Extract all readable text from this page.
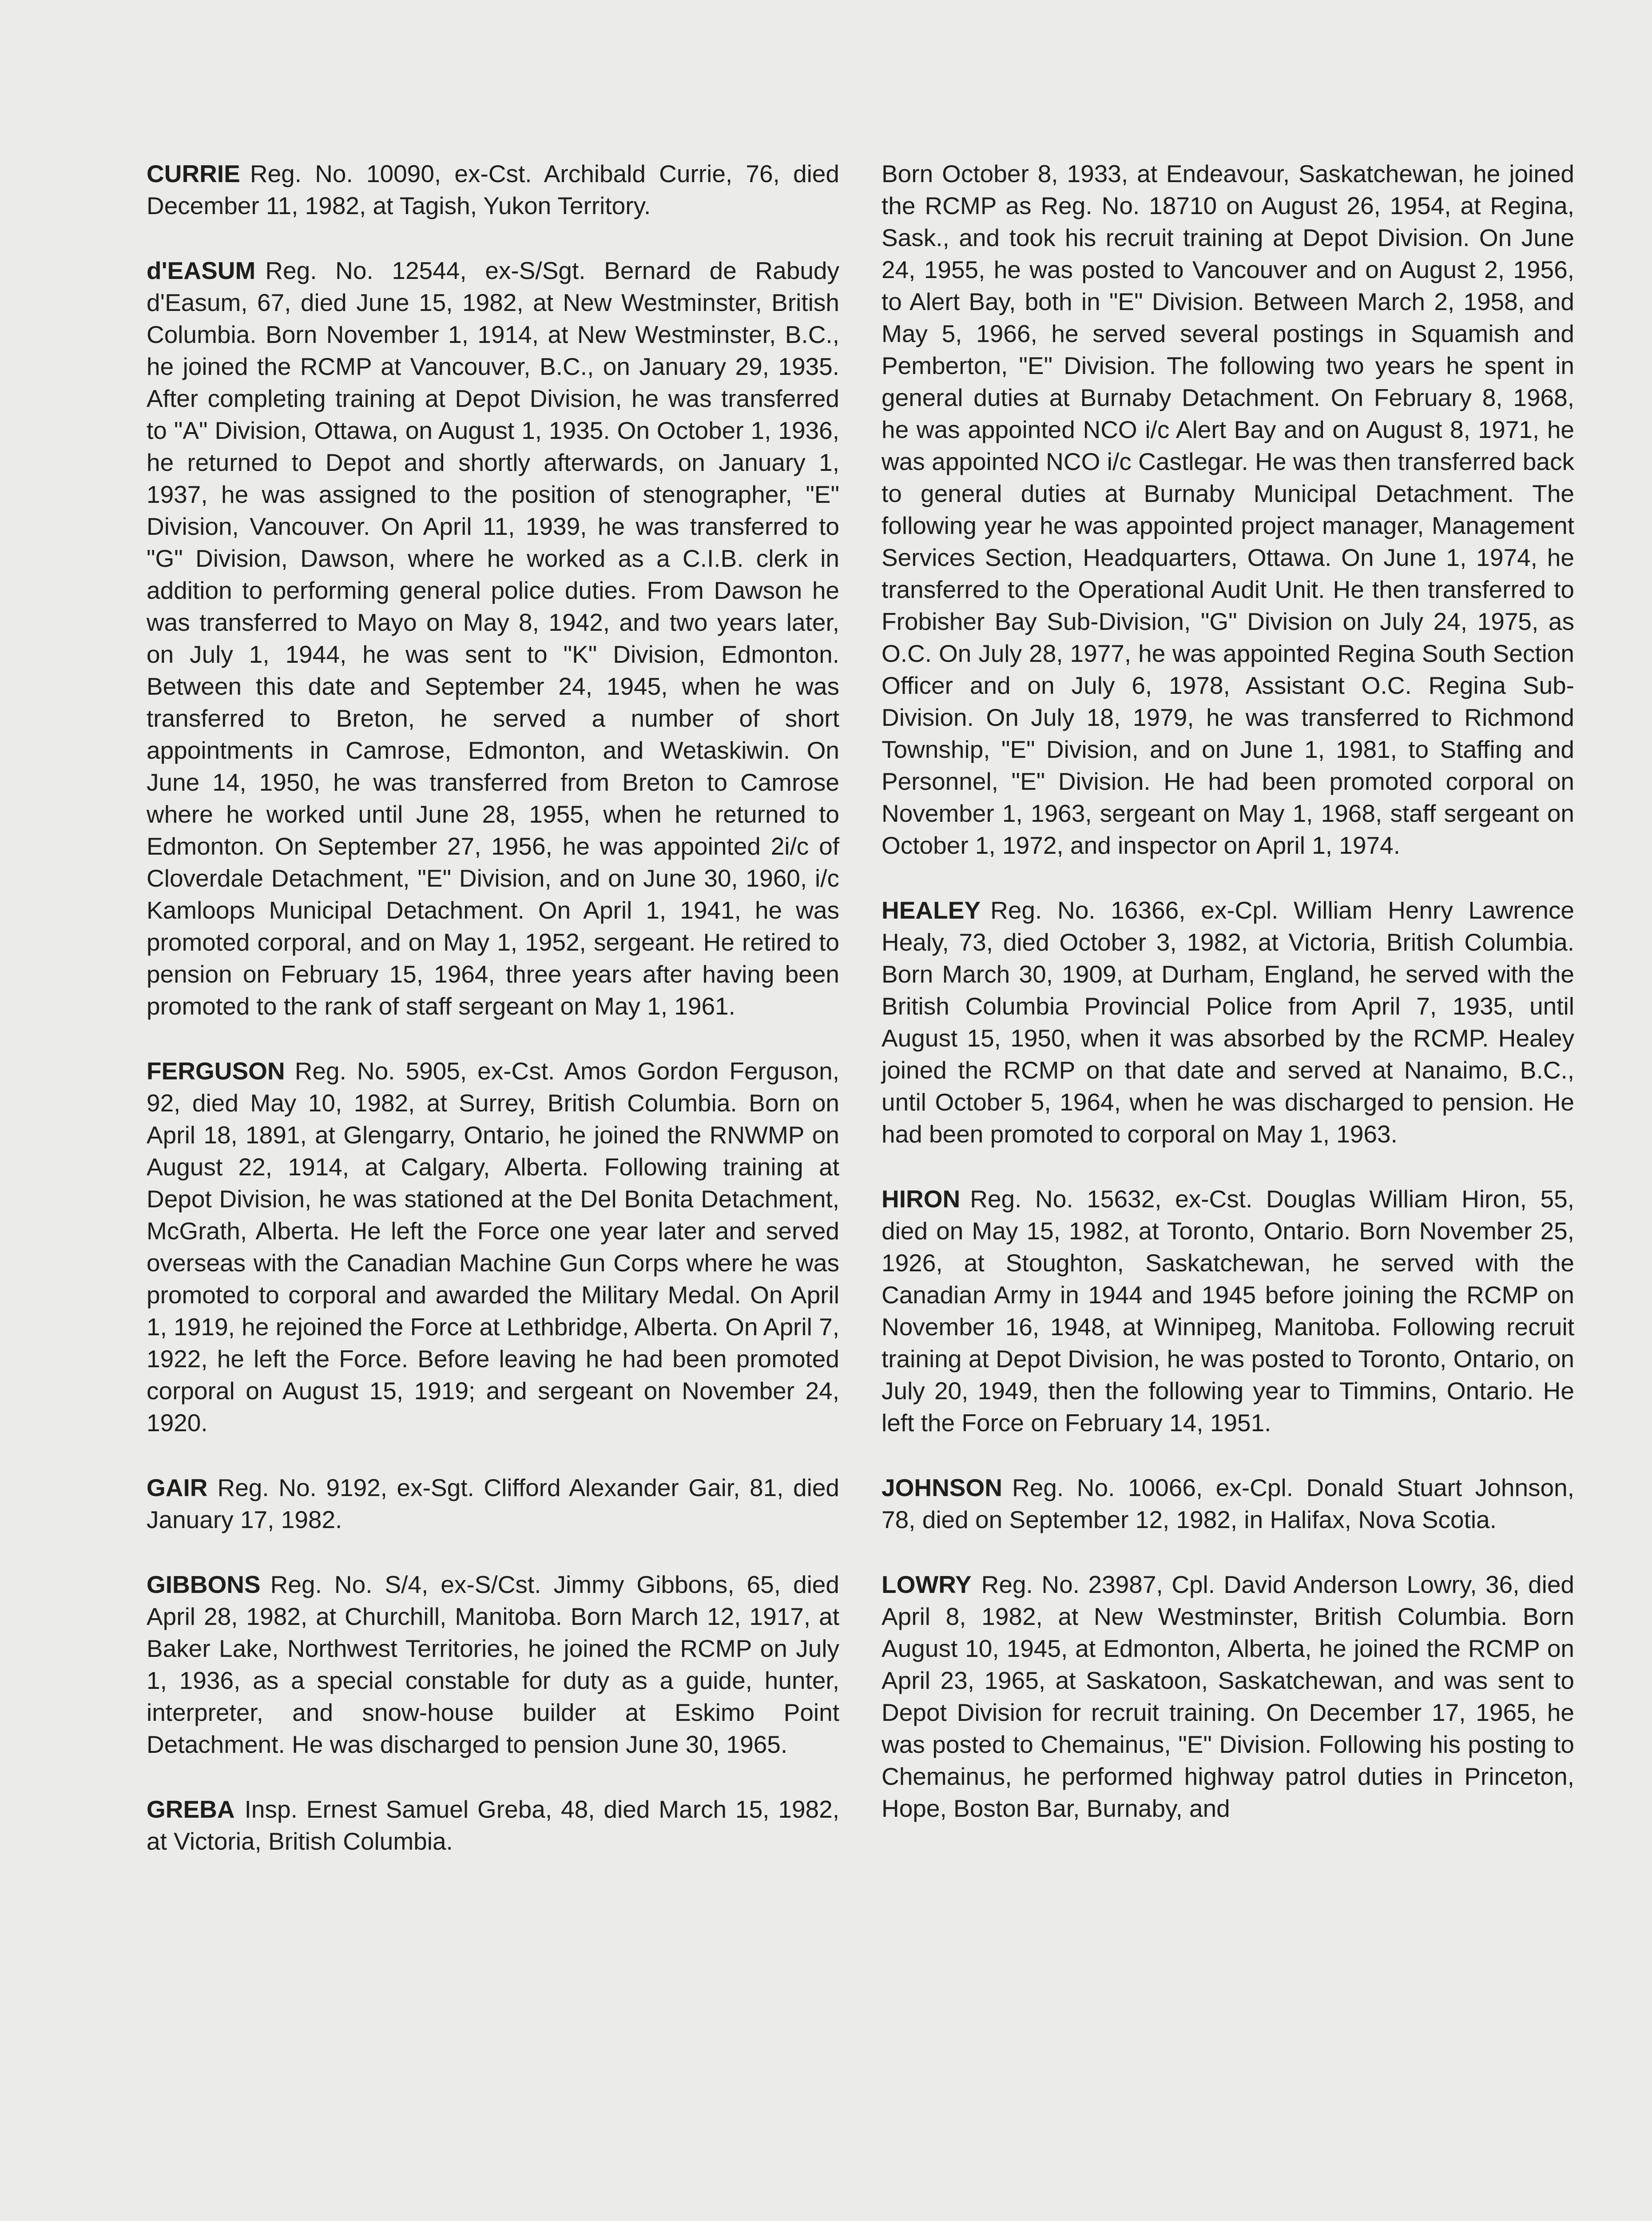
CURRIE Reg. No. 10090, ex-Cst. Archibald Currie, 76, died December 11, 1982, at Tagish, Yukon Territory.

d'EASUM Reg. No. 12544, ex-S/Sgt. Bernard de Rabudy d'Easum, 67, died June 15, 1982, at New Westminster, British Columbia. Born November 1, 1914, at New Westminster, B.C., he joined the RCMP at Vancouver, B.C., on January 29, 1935. After completing training at Depot Division, he was transferred to "A" Division, Ottawa, on August 1, 1935. On October 1, 1936, he returned to Depot and shortly afterwards, on January 1, 1937, he was assigned to the position of stenographer, "E" Division, Vancouver. On April 11, 1939, he was transferred to "G" Division, Dawson, where he worked as a C.I.B. clerk in addition to performing general police duties. From Dawson he was transferred to Mayo on May 8, 1942, and two years later, on July 1, 1944, he was sent to "K" Division, Edmonton. Between this date and September 24, 1945, when he was transferred to Breton, he served a number of short appointments in Camrose, Edmonton, and Wetaskiwin. On June 14, 1950, he was transferred from Breton to Camrose where he worked until June 28, 1955, when he returned to Edmonton. On September 27, 1956, he was appointed 2i/c of Cloverdale Detachment, "E" Division, and on June 30, 1960, i/c Kamloops Municipal Detachment. On April 1, 1941, he was promoted corporal, and on May 1, 1952, sergeant. He retired to pension on February 15, 1964, three years after having been promoted to the rank of staff sergeant on May 1, 1961.

FERGUSON Reg. No. 5905, ex-Cst. Amos Gordon Ferguson, 92, died May 10, 1982, at Surrey, British Columbia. Born on April 18, 1891, at Glengarry, Ontario, he joined the RNWMP on August 22, 1914, at Calgary, Alberta. Following training at Depot Division, he was stationed at the Del Bonita Detachment, McGrath, Alberta. He left the Force one year later and served overseas with the Canadian Machine Gun Corps where he was promoted to corporal and awarded the Military Medal. On April 1, 1919, he rejoined the Force at Lethbridge, Alberta. On April 7, 1922, he left the Force. Before leaving he had been promoted corporal on August 15, 1919; and sergeant on November 24, 1920.

GAIR Reg. No. 9192, ex-Sgt. Clifford Alexander Gair, 81, died January 17, 1982.

GIBBONS Reg. No. S/4, ex-S/Cst. Jimmy Gibbons, 65, died April 28, 1982, at Churchill, Manitoba. Born March 12, 1917, at Baker Lake, Northwest Territories, he joined the RCMP on July 1, 1936, as a special constable for duty as a guide, hunter, interpreter, and snow-house builder at Eskimo Point Detachment. He was discharged to pension June 30, 1965.

GREBA Insp. Ernest Samuel Greba, 48, died March 15, 1982, at Victoria, British Columbia.

Born October 8, 1933, at Endeavour, Saskatchewan, he joined the RCMP as Reg. No. 18710 on August 26, 1954, at Regina, Sask., and took his recruit training at Depot Division. On June 24, 1955, he was posted to Vancouver and on August 2, 1956, to Alert Bay, both in "E" Division. Between March 2, 1958, and May 5, 1966, he served several postings in Squamish and Pemberton, "E" Division. The following two years he spent in general duties at Burnaby Detachment. On February 8, 1968, he was appointed NCO i/c Alert Bay and on August 8, 1971, he was appointed NCO i/c Castlegar. He was then transferred back to general duties at Burnaby Municipal Detachment. The following year he was appointed project manager, Management Services Section, Headquarters, Ottawa. On June 1, 1974, he transferred to the Operational Audit Unit. He then transferred to Frobisher Bay Sub-Division, "G" Division on July 24, 1975, as O.C. On July 28, 1977, he was appointed Regina South Section Officer and on July 6, 1978, Assistant O.C. Regina Sub-Division. On July 18, 1979, he was transferred to Richmond Township, "E" Division, and on June 1, 1981, to Staffing and Personnel, "E" Division. He had been promoted corporal on November 1, 1963, sergeant on May 1, 1968, staff sergeant on October 1, 1972, and inspector on April 1, 1974.

HEALEY Reg. No. 16366, ex-Cpl. William Henry Lawrence Healy, 73, died October 3, 1982, at Victoria, British Columbia. Born March 30, 1909, at Durham, England, he served with the British Columbia Provincial Police from April 7, 1935, until August 15, 1950, when it was absorbed by the RCMP. Healey joined the RCMP on that date and served at Nanaimo, B.C., until October 5, 1964, when he was discharged to pension. He had been promoted to corporal on May 1, 1963.

HIRON Reg. No. 15632, ex-Cst. Douglas William Hiron, 55, died on May 15, 1982, at Toronto, Ontario. Born November 25, 1926, at Stoughton, Saskatchewan, he served with the Canadian Army in 1944 and 1945 before joining the RCMP on November 16, 1948, at Winnipeg, Manitoba. Following recruit training at Depot Division, he was posted to Toronto, Ontario, on July 20, 1949, then the following year to Timmins, Ontario. He left the Force on February 14, 1951.

JOHNSON Reg. No. 10066, ex-Cpl. Donald Stuart Johnson, 78, died on September 12, 1982, in Halifax, Nova Scotia.

LOWRY Reg. No. 23987, Cpl. David Anderson Lowry, 36, died April 8, 1982, at New Westminster, British Columbia. Born August 10, 1945, at Edmonton, Alberta, he joined the RCMP on April 23, 1965, at Saskatoon, Saskatchewan, and was sent to Depot Division for recruit training. On December 17, 1965, he was posted to Chemainus, "E" Division. Following his posting to Chemainus, he performed highway patrol duties in Princeton, Hope, Boston Bar, Burnaby, and
